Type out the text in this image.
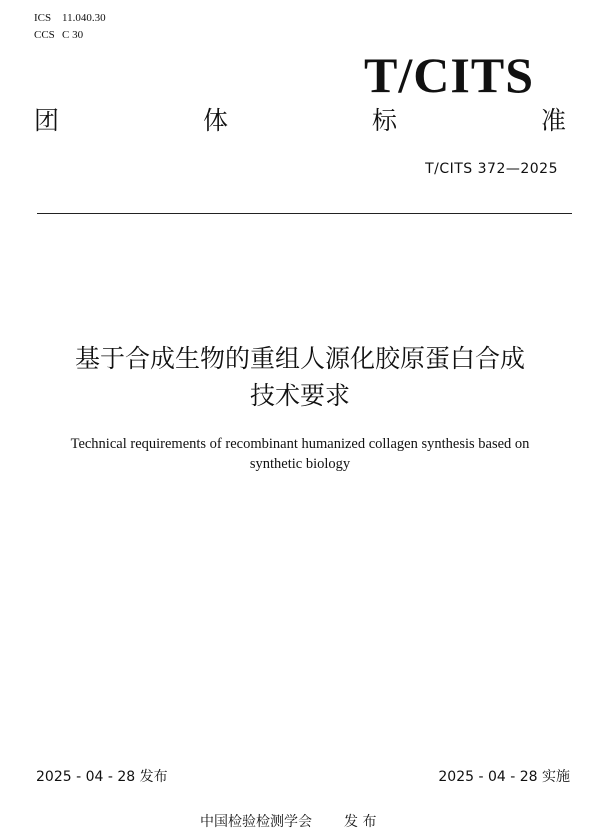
ICS 11.040.30
CCS C 30
T/CITS
团	体	标	准
T/CITS 372—2025
基于合成生物的重组人源化胶原蛋白合成
技术要求
Technical requirements of recombinant humanized collagen synthesis based on
synthetic biology
2025 - 04 - 28 发布	2025 - 04 - 28 实施
中国检验检测学会 发 布
